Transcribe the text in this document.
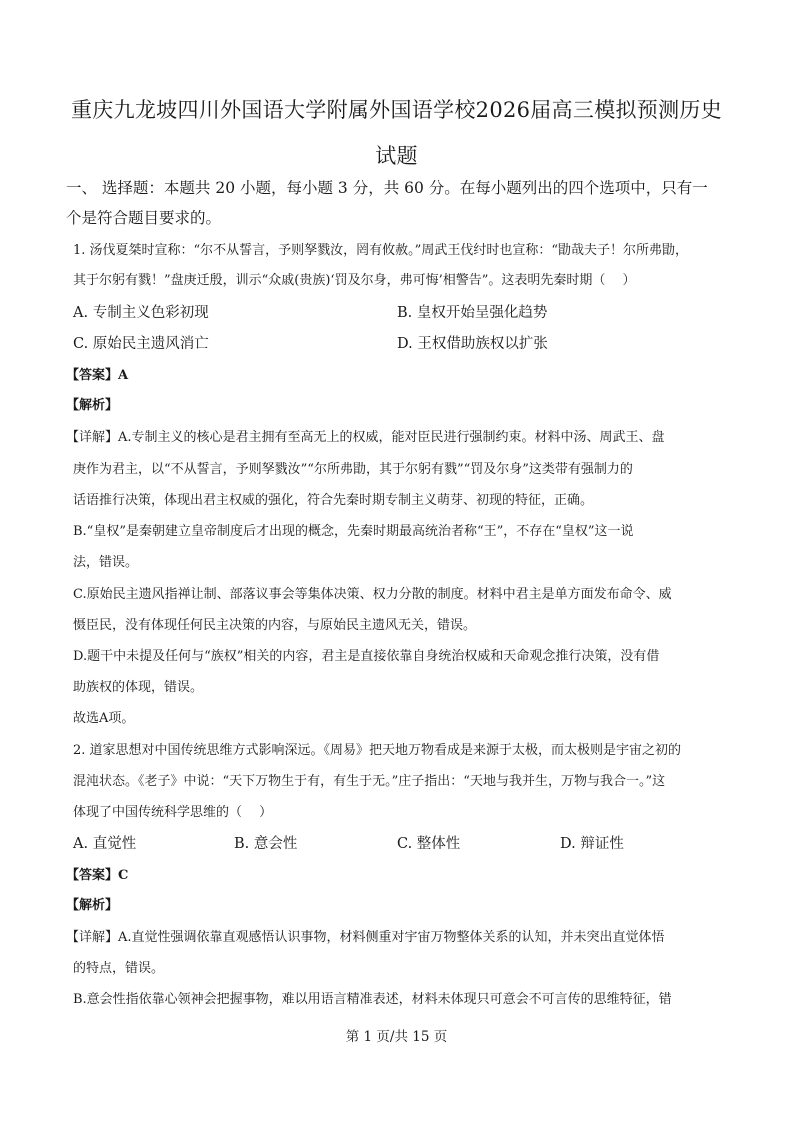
重庆九龙坡四川外国语大学附属外国语学校2026届高三模拟预测历史
试题
一、 选择题：本题共 20 小题，每小题 3 分，共 60 分。在每小题列出的四个选项中，只有一
个是符合题目要求的。
1. 汤伐夏桀时宣称：“尔不从誓言，予则孥戮汝，罔有攸赦。”周武王伐纣时也宣称：“勖哉夫子！尔所弗勖，
其于尔躬有戮！”盘庚迁殷，训示“众戚(贵族)‘罚及尔身，弗可悔’相警告”。这表明先秦时期（　 ）
A. 专制主义色彩初现	B. 皇权开始呈强化趋势
C. 原始民主遗风消亡	D. 王权借助族权以扩张
【答案】A
【解析】
【详解】A.专制主义的核心是君主拥有至高无上的权威，能对臣民进行强制约束。材料中汤、周武王、盘
庚作为君主，以“不从誓言，予则孥戮汝”“尔所弗勖，其于尔躬有戮”“罚及尔身”这类带有强制力的
话语推行决策，体现出君主权威的强化，符合先秦时期专制主义萌芽、初现的特征，正确。
B.“皇权”是秦朝建立皇帝制度后才出现的概念，先秦时期最高统治者称“王”，不存在“皇权”这一说
法，错误。
C.原始民主遗风指禅让制、部落议事会等集体决策、权力分散的制度。材料中君主是单方面发布命令、威
慑臣民，没有体现任何民主决策的内容，与原始民主遗风无关，错误。
D.题干中未提及任何与“族权”相关的内容，君主是直接依靠自身统治权威和天命观念推行决策，没有借
助族权的体现，错误。
故选A项。
2. 道家思想对中国传统思维方式影响深远。《周易》把天地万物看成是来源于太极，而太极则是宇宙之初的
混沌状态。《老子》中说：“天下万物生于有，有生于无。”庄子指出：“天地与我并生，万物与我合一。”这
体现了中国传统科学思维的（　 ）
A. 直觉性	B. 意会性	C. 整体性	D. 辩证性
【答案】C
【解析】
【详解】A.直觉性强调依靠直观感悟认识事物，材料侧重对宇宙万物整体关系的认知，并未突出直觉体悟
的特点，错误。
B.意会性指依靠心领神会把握事物，难以用语言精准表述，材料未体现只可意会不可言传的思维特征，错
第 1 页/共 15 页
